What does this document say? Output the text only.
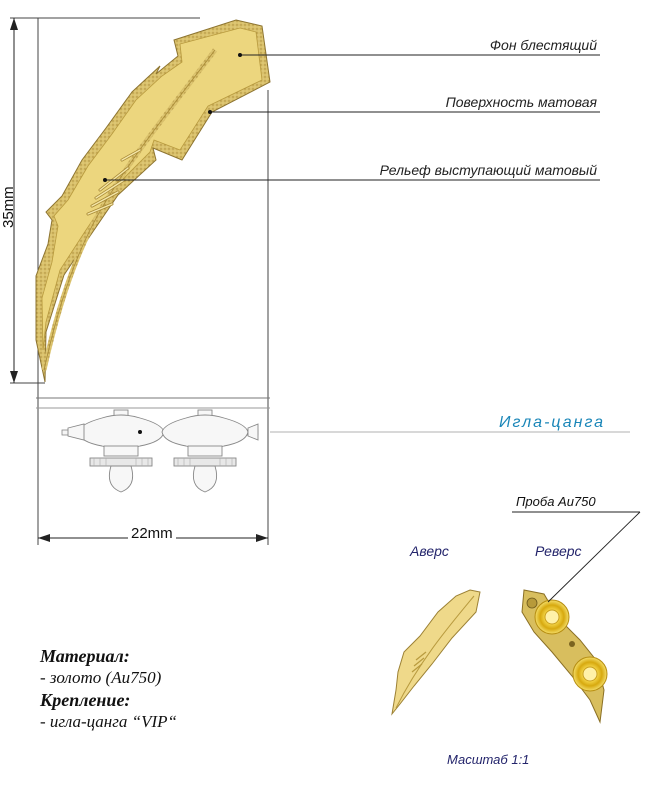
Фон блестящий
Поверхность матовая
Рельеф выступающий матовый
35mm
22mm
Игла-цанга
Аверс	Реверс
Проба Au750
Масштаб 1:1
Материал:
- золото (Au750)
Крепление:
- игла-цанга “VIP“
